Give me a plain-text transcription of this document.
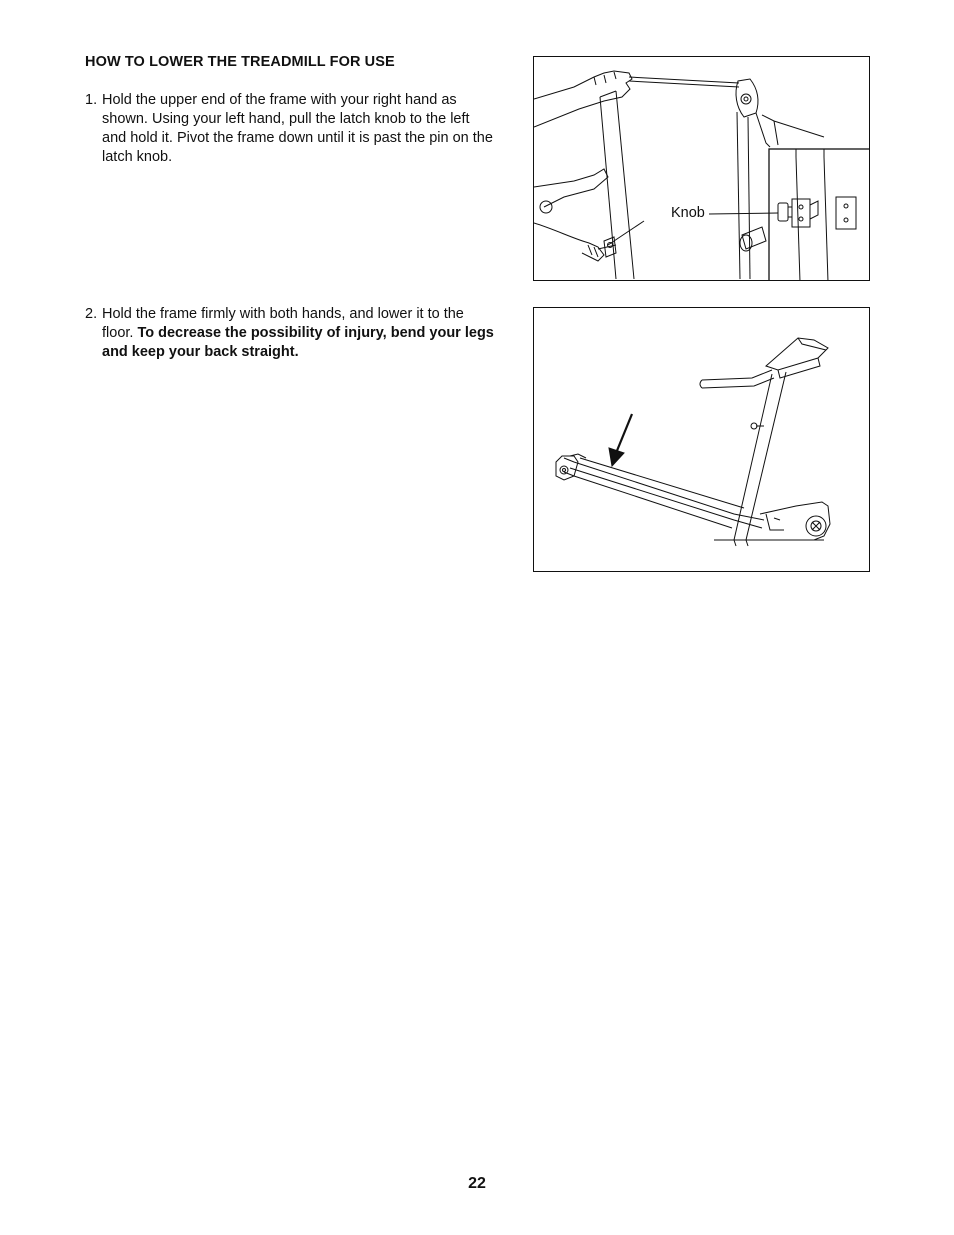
HOW TO LOWER THE TREADMILL FOR USE
1. Hold the upper end of the frame with your right hand as shown. Using your left hand, pull the latch knob to the left and hold it. Pivot the frame down until it is past the pin on the latch knob.
2. Hold the frame firmly with both hands, and lower it to the floor. To decrease the possibility of injury, bend your legs and keep your back straight.
Knob
22
